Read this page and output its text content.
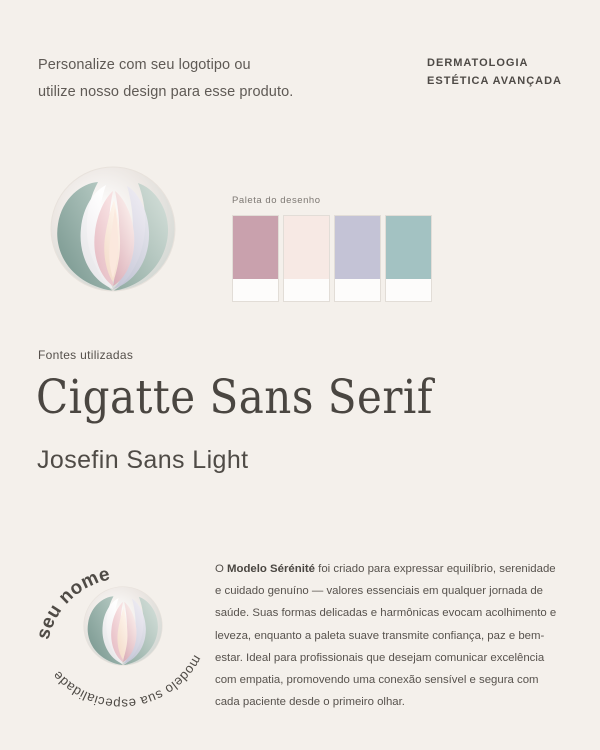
Personalize com seu logotipo ou
utilize nosso design para esse produto.
DERMATOLOGIA
ESTÉTICA AVANÇADA
Paleta do desenho
Fontes utilizadas
Cigatte Sans Serif
Josefin Sans Light
seu nome
modelo sua especialidade
O Modelo Sérénité foi criado para expressar equilíbrio, serenidade e cuidado genuíno — valores essenciais em qualquer jornada de saúde. Suas formas delicadas e harmônicas evocam acolhimento e leveza, enquanto a paleta suave transmite confiança, paz e bem-estar. Ideal para profissionais que desejam comunicar excelência com empatia, promovendo uma conexão sensível e segura com cada paciente desde o primeiro olhar.
